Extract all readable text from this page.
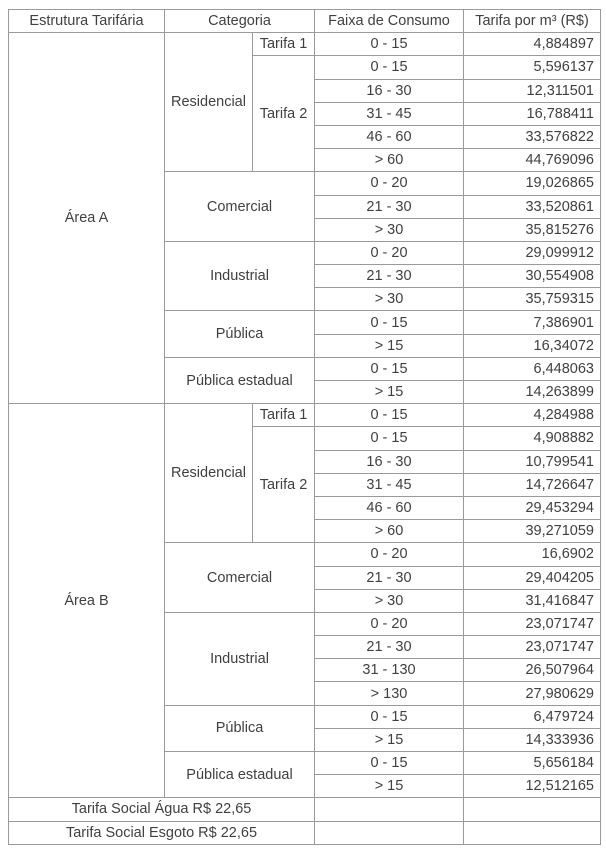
Estrutura Tarifária	Categoria		Faixa de Consumo	Tarifa por m³ (R$)
Área A	Residencial	Tarifa 1	0 - 15	4,884897
		Tarifa 2	0 - 15	5,596137
			16 - 30	12,311501
			31 - 45	16,788411
			46 - 60	33,576822
			> 60	44,769096
	Comercial		0 - 20	19,026865
			21 - 30	33,520861
			> 30	35,815276
	Industrial		0 - 20	29,099912
			21 - 30	30,554908
			> 30	35,759315
	Pública		0 - 15	7,386901
			> 15	16,34072
	Pública estadual		0 - 15	6,448063
			> 15	14,263899
Área B	Residencial	Tarifa 1	0 - 15	4,284988
		Tarifa 2	0 - 15	4,908882
			16 - 30	10,799541
			31 - 45	14,726647
			46 - 60	29,453294
			> 60	39,271059
	Comercial		0 - 20	16,6902
			21 - 30	29,404205
			> 30	31,416847
	Industrial		0 - 20	23,071747
			21 - 30	23,071747
			31 - 130	26,507964
			> 130	27,980629
	Pública		0 - 15	6,479724
			> 15	14,333936
	Pública estadual		0 - 15	5,656184
			> 15	12,512165
Tarifa Social Água R$ 22,65				
Tarifa Social Esgoto R$ 22,65				
